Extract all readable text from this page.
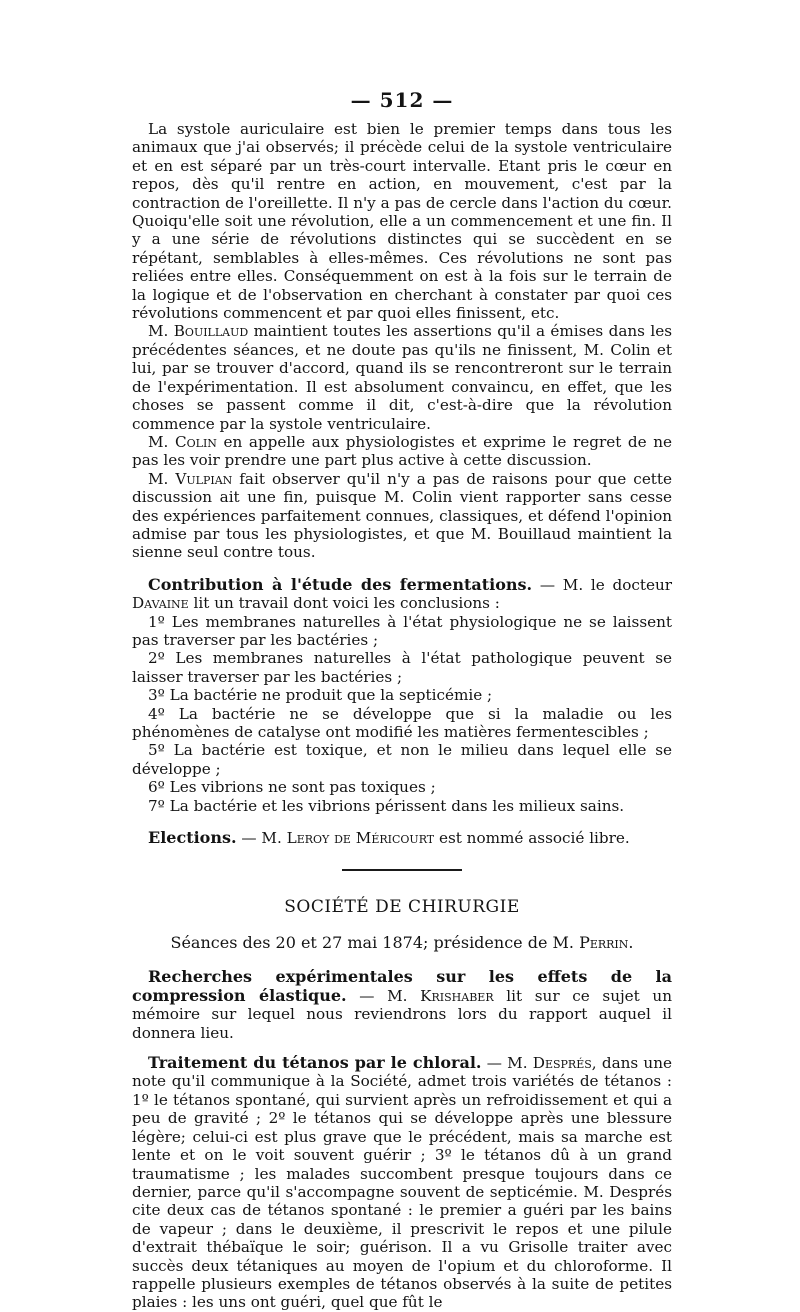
— 512 —

La systole auriculaire est bien le premier temps dans tous les animaux que j'ai observés; il précède celui de la systole ventriculaire et en est séparé par un très-court intervalle. Etant pris le cœur en repos, dès qu'il rentre en action, en mouvement, c'est par la contraction de l'oreillette. Il n'y a pas de cercle dans l'action du cœur. Quoiqu'elle soit une révolution, elle a un commencement et une fin. Il y a une série de révolutions distinctes qui se succèdent en se répétant, semblables à elles-mêmes. Ces révolutions ne sont pas reliées entre elles. Conséquemment on est à la fois sur le terrain de la logique et de l'observation en cherchant à constater par quoi ces révolutions commencent et par quoi elles finissent, etc.

M. Bouillaud maintient toutes les assertions qu'il a émises dans les précédentes séances, et ne doute pas qu'ils ne finissent, M. Colin et lui, par se trouver d'accord, quand ils se rencontreront sur le terrain de l'expérimentation. Il est absolument convaincu, en effet, que les choses se passent comme il dit, c'est-à-dire que la révolution commence par la systole ventriculaire.

M. Colin en appelle aux physiologistes et exprime le regret de ne pas les voir prendre une part plus active à cette discussion.

M. Vulpian fait observer qu'il n'y a pas de raisons pour que cette discussion ait une fin, puisque M. Colin vient rapporter sans cesse des expériences parfaitement connues, classiques, et défend l'opinion admise par tous les physiologistes, et que M. Bouillaud maintient la sienne seul contre tous.

Contribution à l'étude des fermentations. — M. le docteur Davaine lit un travail dont voici les conclusions :

1º Les membranes naturelles à l'état physiologique ne se laissent pas traverser par les bactéries ;

2º Les membranes naturelles à l'état pathologique peuvent se laisser traverser par les bactéries ;

3º La bactérie ne produit que la septicémie ;

4º La bactérie ne se développe que si la maladie ou les phénomènes de catalyse ont modifié les matières fermentescibles ;

5º La bactérie est toxique, et non le milieu dans lequel elle se développe ;

6º Les vibrions ne sont pas toxiques ;

7º La bactérie et les vibrions périssent dans les milieux sains.

Elections. — M. Leroy de Méricourt est nommé associé libre.

SOCIÉTÉ DE CHIRURGIE
Séances des 20 et 27 mai 1874; présidence de M. Perrin.

Recherches expérimentales sur les effets de la compression élastique. — M. Krishaber lit sur ce sujet un mémoire sur lequel nous reviendrons lors du rapport auquel il donnera lieu.

Traitement du tétanos par le chloral. — M. Després, dans une note qu'il communique à la Société, admet trois variétés de tétanos : 1º le tétanos spontané, qui survient après un refroidissement et qui a peu de gravité ; 2º le tétanos qui se développe après une blessure légère; celui-ci est plus grave que le précédent, mais sa marche est lente et on le voit souvent guérir ; 3º le tétanos dû à un grand traumatisme ; les malades succombent presque toujours dans ce dernier, parce qu'il s'accompagne souvent de septicémie. M. Després cite deux cas de tétanos spontané : le premier a guéri par les bains de vapeur ; dans le deuxième, il prescrivit le repos et une pilule d'extrait thébaïque le soir; guérison. Il a vu Grisolle traiter avec succès deux tétaniques au moyen de l'opium et du chloroforme. Il rappelle plusieurs exemples de tétanos observés à la suite de petites plaies : les uns ont guéri, quel que fût le
